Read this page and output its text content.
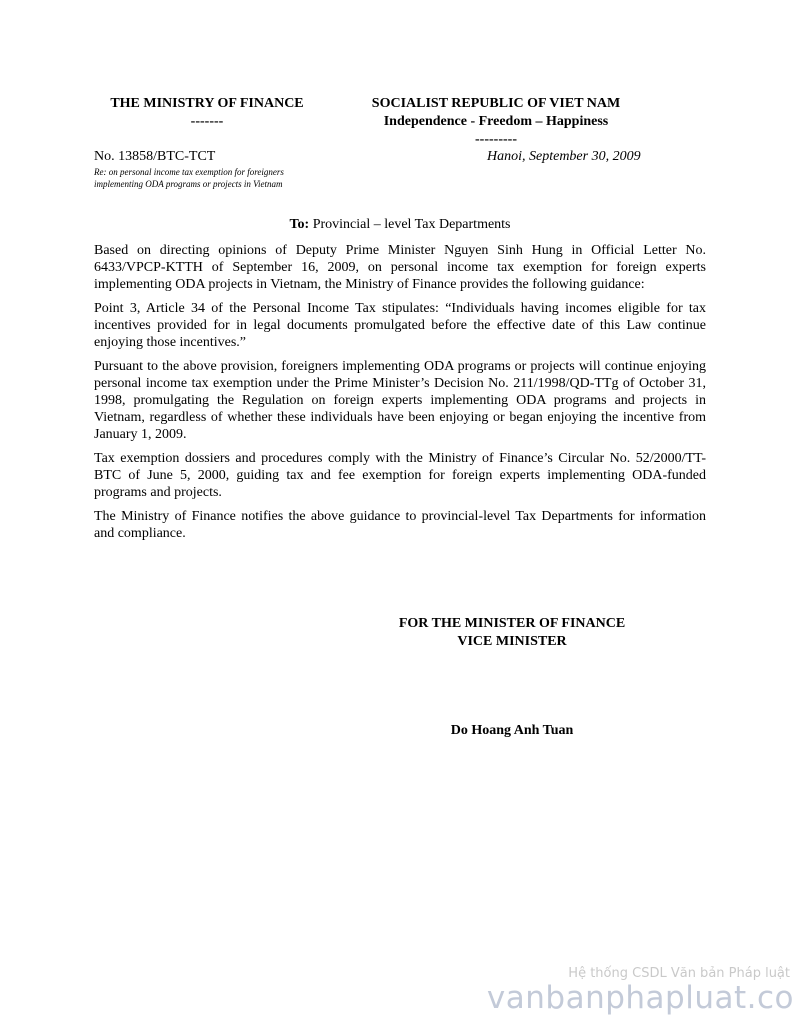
THE MINISTRY OF FINANCE
-------
SOCIALIST REPUBLIC OF VIET NAM
Independence - Freedom – Happiness
---------
No. 13858/BTC-TCT
Re: on personal income tax exemption for foreigners implementing ODA programs or projects in Vietnam
Hanoi, September 30, 2009
To: Provincial – level Tax Departments

Based on directing opinions of Deputy Prime Minister Nguyen Sinh Hung in Official Letter No. 6433/VPCP-KTTH of September 16, 2009, on personal income tax exemption for foreign experts implementing ODA projects in Vietnam, the Ministry of Finance provides the following guidance:

Point 3, Article 34 of the Personal Income Tax stipulates: “Individuals having incomes eligible for tax incentives provided for in legal documents promulgated before the effective date of this Law continue enjoying those incentives.”

Pursuant to the above provision, foreigners implementing ODA programs or projects will continue enjoying personal income tax exemption under the Prime Minister’s Decision No. 211/1998/QD-TTg of October 31, 1998, promulgating the Regulation on foreign experts implementing ODA programs and projects in Vietnam, regardless of whether these individuals have been enjoying or began enjoying the incentive from January 1, 2009.

Tax exemption dossiers and procedures comply with the Ministry of Finance’s Circular No. 52/2000/TT-BTC of June 5, 2000, guiding tax and fee exemption for foreign experts implementing ODA-funded programs and projects.

The Ministry of Finance notifies the above guidance to provincial-level Tax Departments for information and compliance.

FOR THE MINISTER OF FINANCE
VICE MINISTER
Do Hoang Anh Tuan
Hệ thống CSDL Văn bản Pháp luật
vanbanphapluat.co
